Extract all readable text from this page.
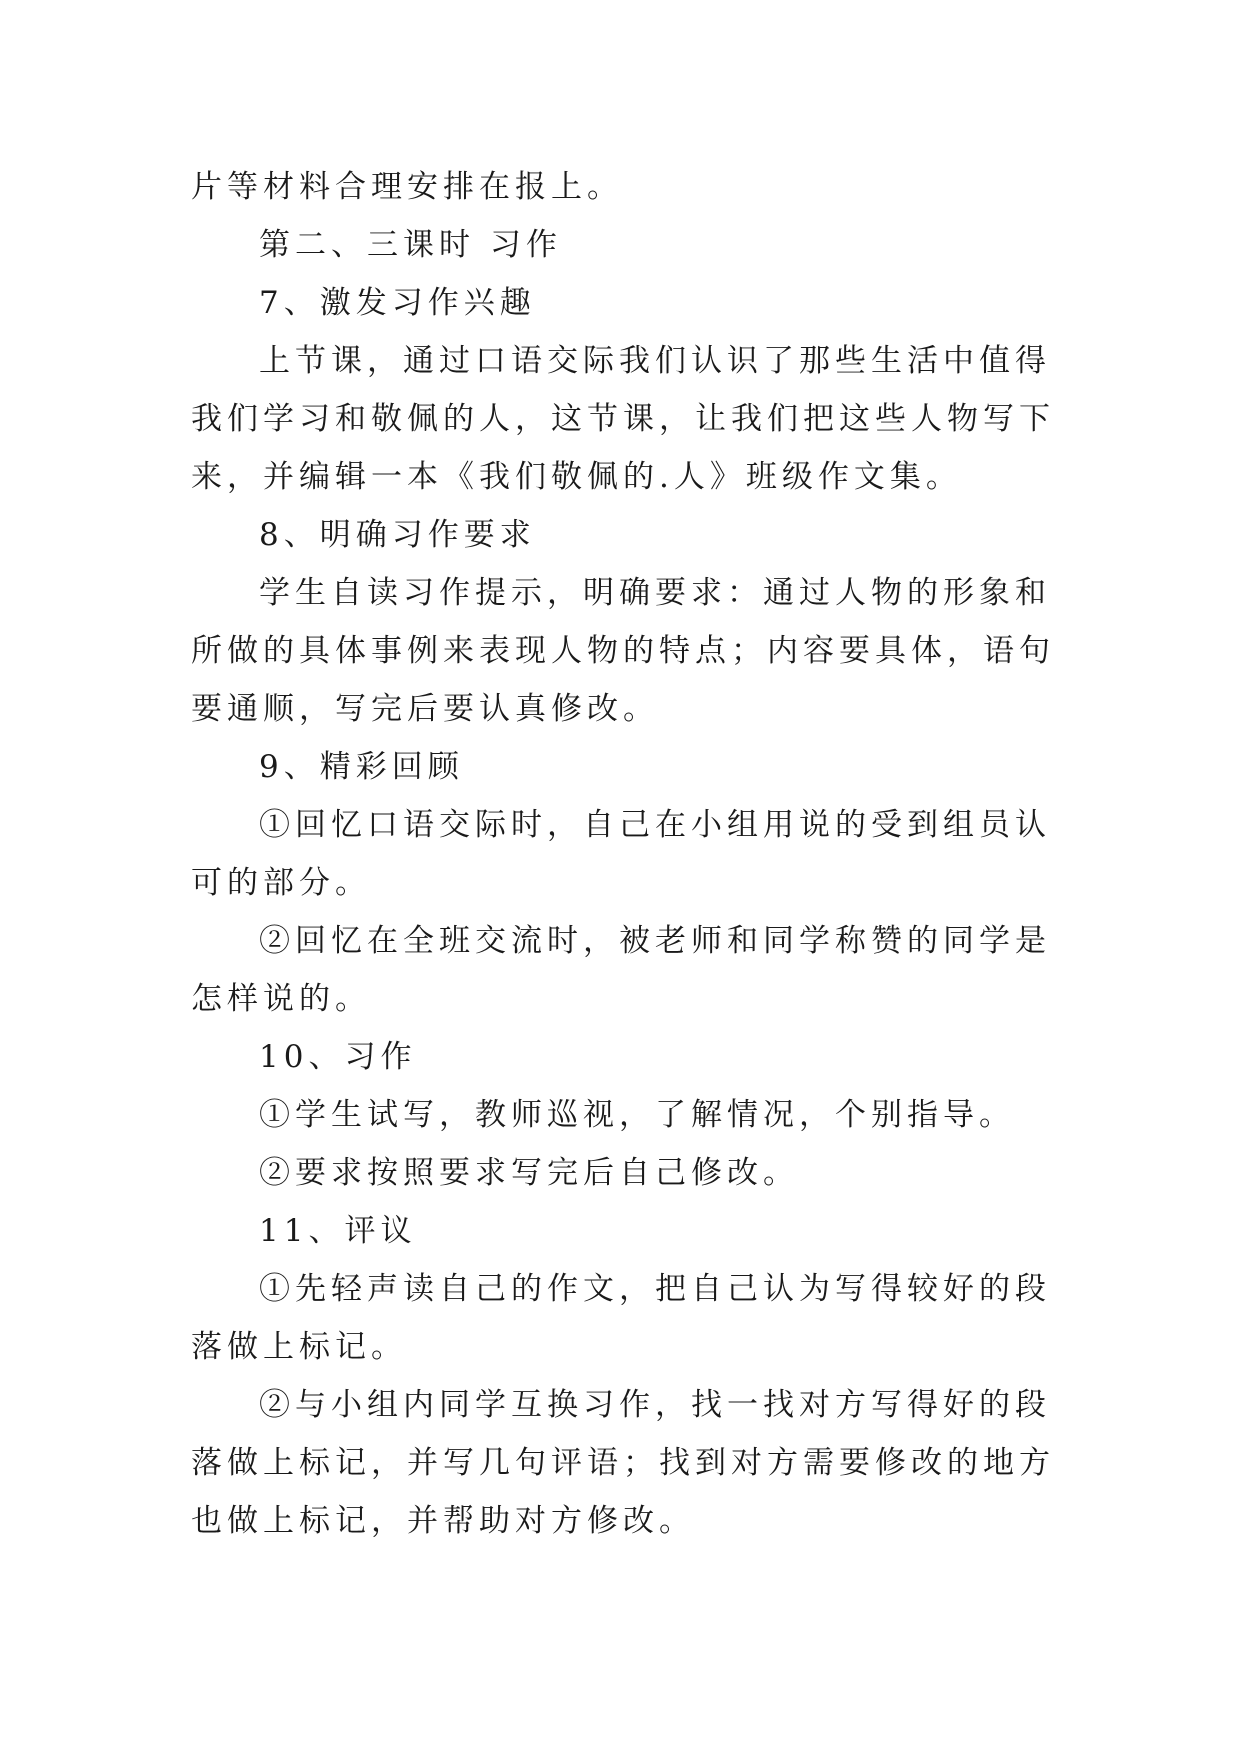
片等材料合理安排在报上。

第二、三课时 习作

7、激发习作兴趣

上节课，通过口语交际我们认识了那些生活中值得我们学习和敬佩的人，这节课，让我们把这些人物写下来，并编辑一本《我们敬佩的.人》班级作文集。

8、明确习作要求

学生自读习作提示，明确要求：通过人物的形象和所做的具体事例来表现人物的特点；内容要具体，语句要通顺，写完后要认真修改。

9、精彩回顾

①回忆口语交际时，自己在小组用说的受到组员认可的部分。

②回忆在全班交流时，被老师和同学称赞的同学是怎样说的。

10、习作

①学生试写，教师巡视，了解情况，个别指导。

②要求按照要求写完后自己修改。

11、评议

①先轻声读自己的作文，把自己认为写得较好的段落做上标记。

②与小组内同学互换习作，找一找对方写得好的段落做上标记，并写几句评语；找到对方需要修改的地方也做上标记，并帮助对方修改。
